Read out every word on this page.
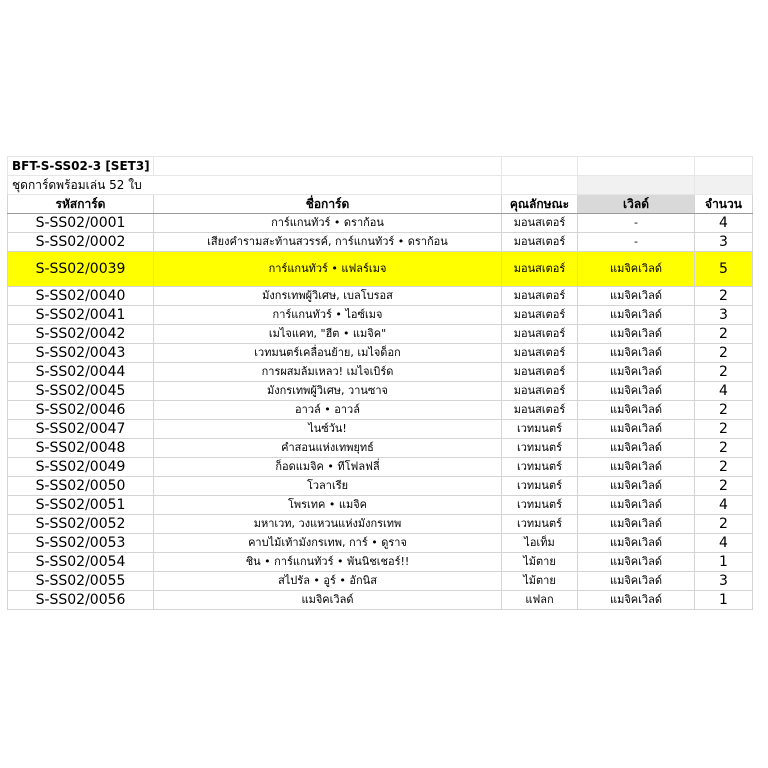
BFT-S-SS02-3 [SET3]				
ชุดการ์ดพร้อมเล่น 52 ใบ				
รหัสการ์ด	ชื่อการ์ด	คุณลักษณะ	เวิลด์	จำนวน
S-SS02/0001	การ์แกนทัวร์ • ดราก้อน	มอนสเตอร์	-	4
S-SS02/0002	เสียงคำรามสะท้านสวรรค์, การ์แกนทัวร์ • ดราก้อน	มอนสเตอร์	-	3
S-SS02/0039	การ์แกนทัวร์ • แฟลร์เมจ	มอนสเตอร์	แมจิคเวิลด์	5
S-SS02/0040	มังกรเทพผู้วิเศษ, เบลโบรอส	มอนสเตอร์	แมจิคเวิลด์	2
S-SS02/0041	การ์แกนทัวร์ • ไอซ์เมจ	มอนสเตอร์	แมจิคเวิลด์	3
S-SS02/0042	เมไจแคท, "ฮีต • แมจิค"	มอนสเตอร์	แมจิคเวิลด์	2
S-SS02/0043	เวทมนตร์เคลื่อนย้าย, เมไจด็อก	มอนสเตอร์	แมจิคเวิลด์	2
S-SS02/0044	การผสมล้มเหลว! เมไจเบิร์ด	มอนสเตอร์	แมจิคเวิลด์	2
S-SS02/0045	มังกรเทพผู้วิเศษ, วานซาจ	มอนสเตอร์	แมจิคเวิลด์	4
S-SS02/0046	อาวล์ • อาวล์	มอนสเตอร์	แมจิคเวิลด์	2
S-SS02/0047	ไนซ์วัน!	เวทมนตร์	แมจิคเวิลด์	2
S-SS02/0048	คำสอนแห่งเทพยุทธ์	เวทมนตร์	แมจิคเวิลด์	2
S-SS02/0049	ก็อดแมจิค • ทีโฟลฟลี่	เวทมนตร์	แมจิคเวิลด์	2
S-SS02/0050	โวลาเรีย	เวทมนตร์	แมจิคเวิลด์	2
S-SS02/0051	โพรเทค • แมจิค	เวทมนตร์	แมจิคเวิลด์	4
S-SS02/0052	มหาเวท, วงแหวนแห่งมังกรเทพ	เวทมนตร์	แมจิคเวิลด์	2
S-SS02/0053	คาบไม้เท้ามังกรเทพ, การ์ • ดูราจ	ไอเท็ม	แมจิคเวิลด์	4
S-SS02/0054	ชิน • การ์แกนทัวร์ • พันนิชเชอร์!!	ไม้ตาย	แมจิคเวิลด์	1
S-SS02/0055	สไปรัล • อูร์ • อักนิส	ไม้ตาย	แมจิคเวิลด์	3
S-SS02/0056	แมจิคเวิลด์	แฟลก	แมจิคเวิลด์	1
